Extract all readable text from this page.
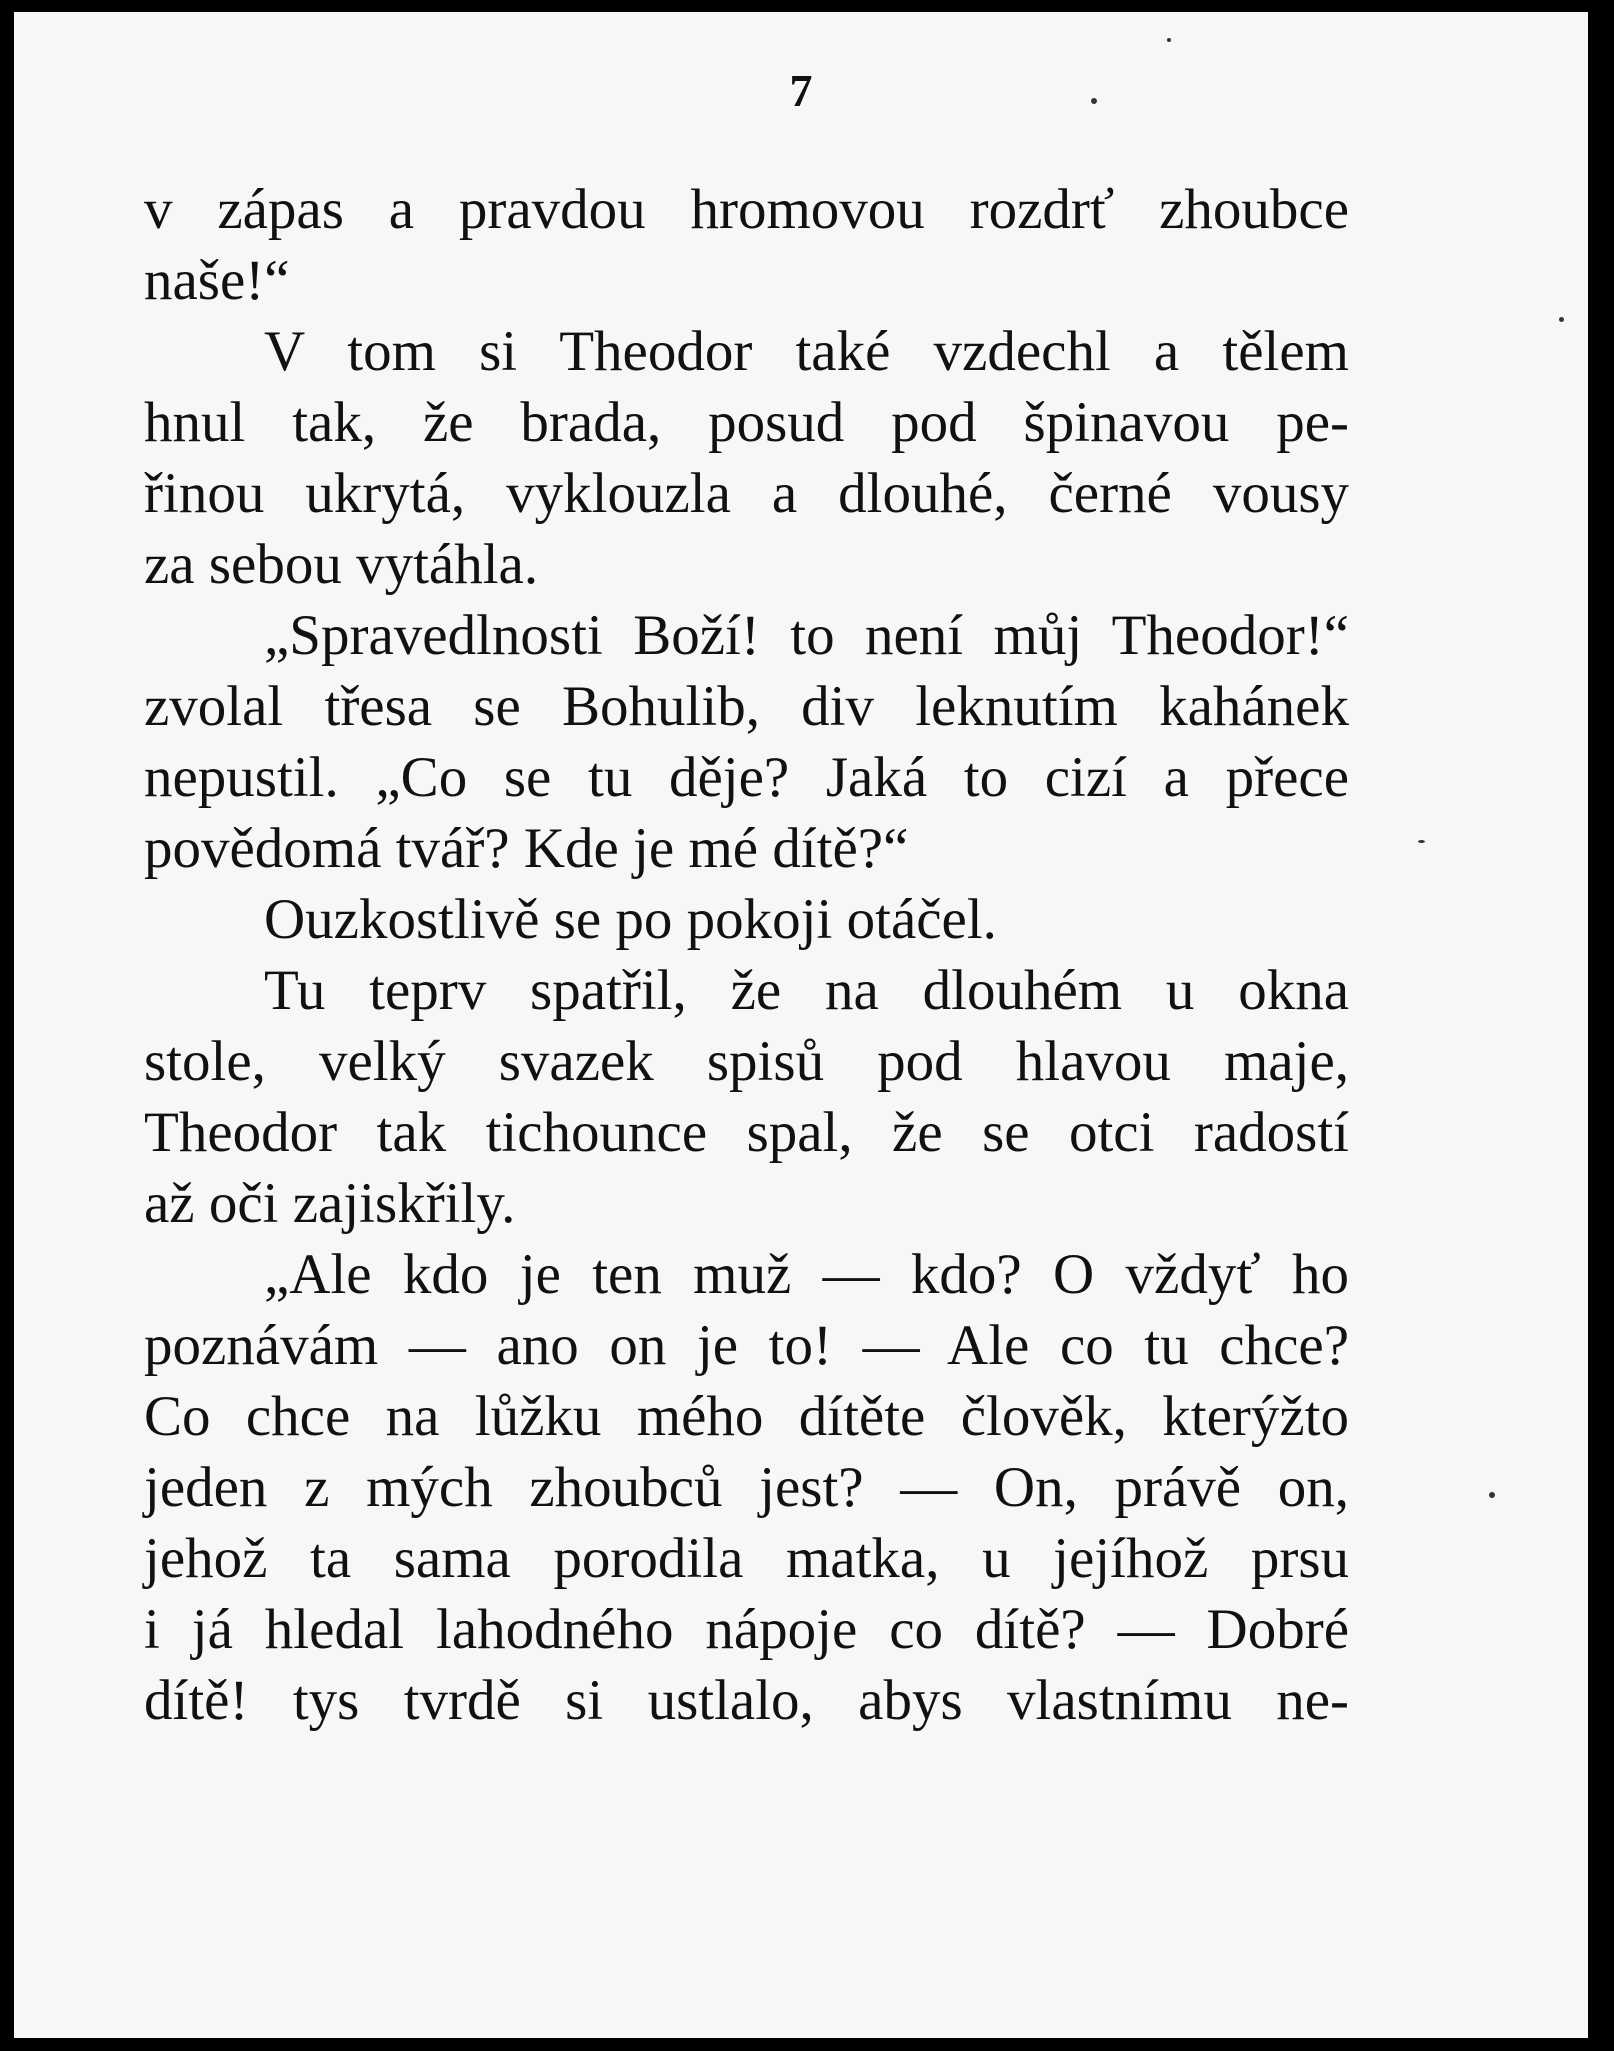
7
v zápas a pravdou hromovou rozdrť zhoubce
naše!“
V tom si Theodor také vzdechl a tělem
hnul tak, že brada, posud pod špinavou pe-
řinou ukrytá, vyklouzla a dlouhé, černé vousy
za sebou vytáhla.
„Spravedlnosti Boží! to není můj Theodor!“
zvolal třesa se Bohulib, div leknutím kahánek
nepustil. „Co se tu děje? Jaká to cizí a přece
povědomá tvář? Kde je mé dítě?“
Ouzkostlivě se po pokoji otáčel.
Tu teprv spatřil, že na dlouhém u okna
stole, velký svazek spisů pod hlavou maje,
Theodor tak tichounce spal, že se otci radostí
až oči zajiskřily.
„Ale kdo je ten muž — kdo? O vždyť ho
poznávám — ano on je to! — Ale co tu chce?
Co chce na lůžku mého dítěte člověk, kterýžto
jeden z mých zhoubců jest? — On, právě on,
jehož ta sama porodila matka, u jejíhož prsu
i já hledal lahodného nápoje co dítě? — Dobré
dítě! tys tvrdě si ustlalo, abys vlastnímu ne-
